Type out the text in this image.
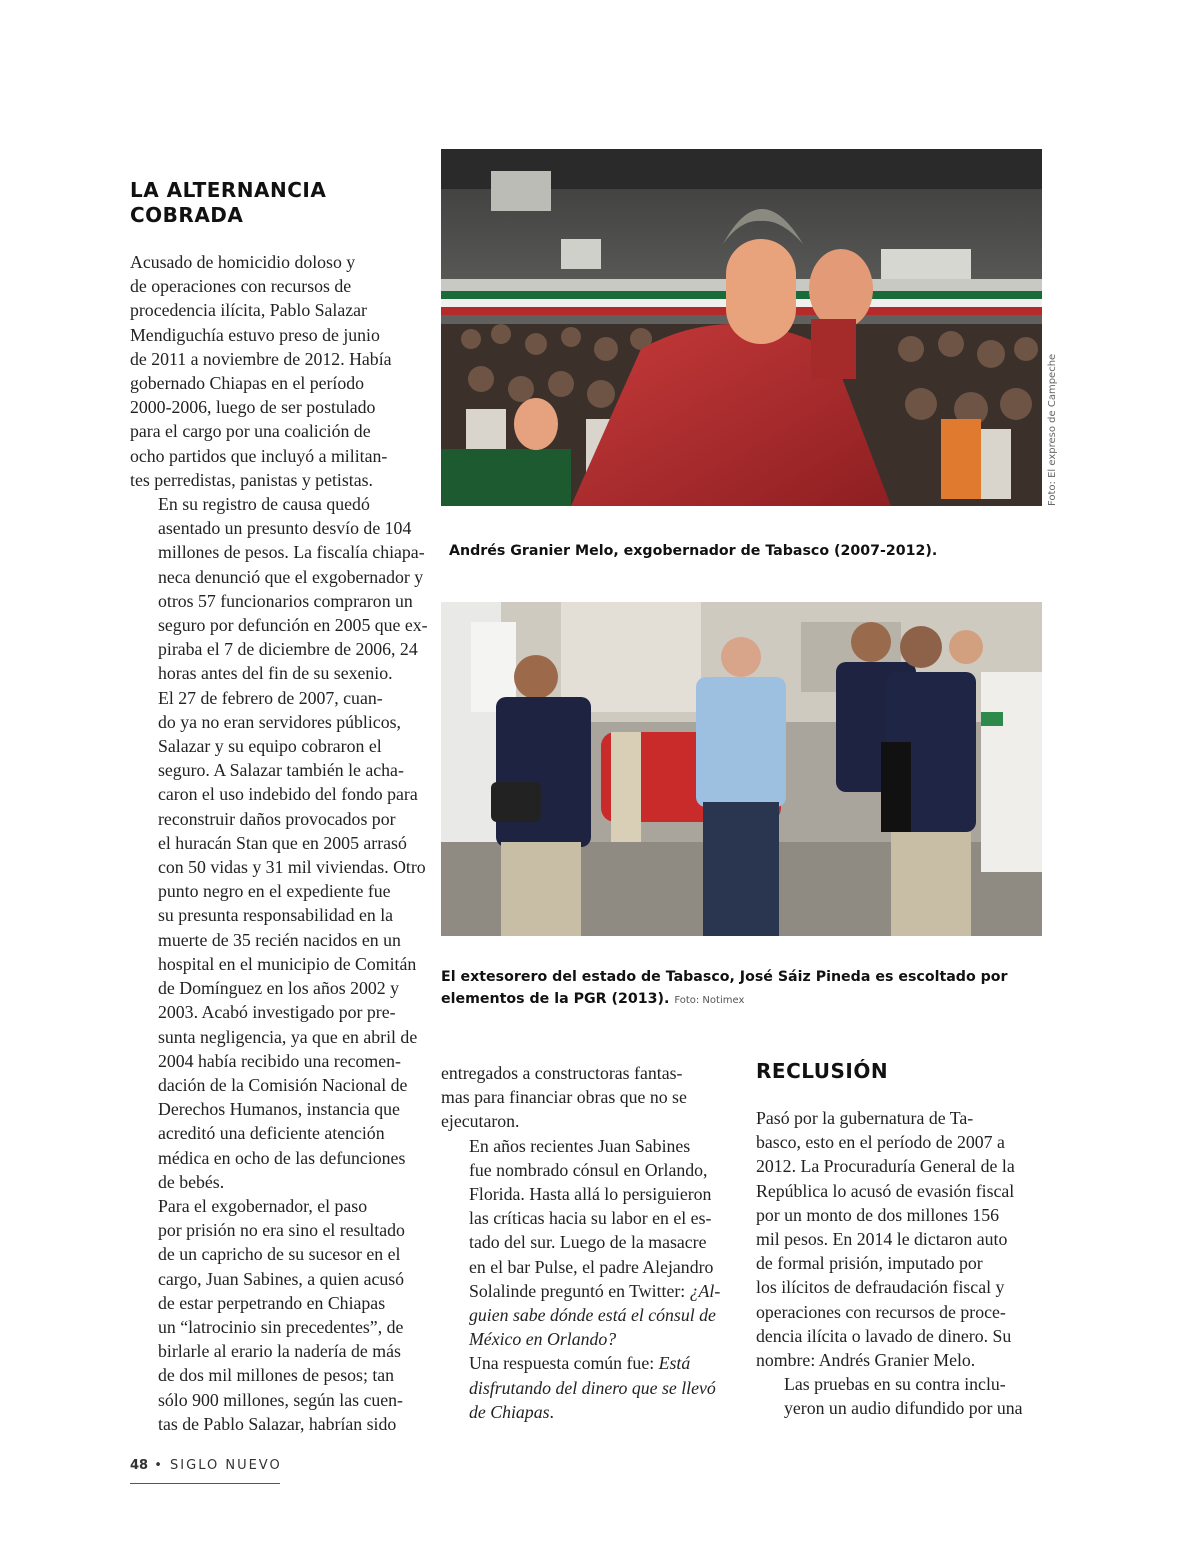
LA ALTERNANCIA
COBRADA

Acusado de homicidio doloso y
de operaciones con recursos de
procedencia ilícita, Pablo Salazar
Mendiguchía estuvo preso de junio
de 2011 a noviembre de 2012. Había
gobernado Chiapas en el período
2000-2006, luego de ser postulado
para el cargo por una coalición de
ocho partidos que incluyó a militan-
tes perredistas, panistas y petistas.

En su registro de causa quedó
asentado un presunto desvío de 104
millones de pesos. La fiscalía chiapa-
neca denunció que el exgobernador y
otros 57 funcionarios compraron un
seguro por defunción en 2005 que ex-
piraba el 7 de diciembre de 2006, 24
horas antes del fin de su sexenio.

El 27 de febrero de 2007, cuan-
do ya no eran servidores públicos,
Salazar y su equipo cobraron el
seguro. A Salazar también le acha-
caron el uso indebido del fondo para
reconstruir daños provocados por
el huracán Stan que en 2005 arrasó
con 50 vidas y 31 mil viviendas. Otro
punto negro en el expediente fue
su presunta responsabilidad en la
muerte de 35 recién nacidos en un
hospital en el municipio de Comitán
de Domínguez en los años 2002 y
2003. Acabó investigado por pre-
sunta negligencia, ya que en abril de
2004 había recibido una recomen-
dación de la Comisión Nacional de
Derechos Humanos, instancia que
acreditó una deficiente atención
médica en ocho de las defunciones
de bebés.

Para el exgobernador, el paso
por prisión no era sino el resultado
de un capricho de su sucesor en el
cargo, Juan Sabines, a quien acusó
de estar perpetrando en Chiapas
un “latrocinio sin precedentes”, de
birlarle al erario la nadería de más
de dos mil millones de pesos; tan
sólo 900 millones, según las cuen-
tas de Pablo Salazar, habrían sido

Foto: El expreso de Campeche
Andrés Granier Melo, exgobernador de Tabasco (2007-2012).
El extesorero del estado de Tabasco, José Sáiz Pineda es escoltado por
elementos de la PGR (2013). Foto: Notimex

entregados a constructoras fantas-
mas para financiar obras que no se
ejecutaron.

En años recientes Juan Sabines
fue nombrado cónsul en Orlando,
Florida. Hasta allá lo persiguieron
las críticas hacia su labor en el es-
tado del sur. Luego de la masacre
en el bar Pulse, el padre Alejandro
Solalinde preguntó en Twitter: ¿Al-
guien sabe dónde está el cónsul de
México en Orlando?

Una respuesta común fue: Está
disfrutando del dinero que se llevó
de Chiapas.

RECLUSIÓN

Pasó por la gubernatura de Ta-
basco, esto en el período de 2007 a
2012. La Procuraduría General de la
República lo acusó de evasión fiscal
por un monto de dos millones 156
mil pesos. En 2014 le dictaron auto
de formal prisión, imputado por
los ilícitos de defraudación fiscal y
operaciones con recursos de proce-
dencia ilícita o lavado de dinero. Su
nombre: Andrés Granier Melo.

Las pruebas en su contra inclu-
yeron un audio difundido por una

48 • SIGLO NUEVO
